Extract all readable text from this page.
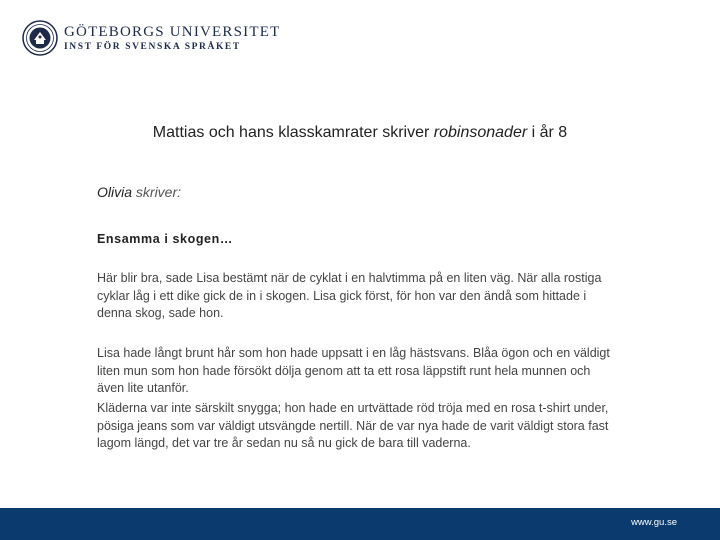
GÖTEBORGS UNIVERSITET
INST FÖR SVENSKA SPRÅKET
Mattias och hans klasskamrater skriver robinsonader i år 8
Olivia skriver:
Ensamma i skogen…

Här blir bra, sade Lisa bestämt när de cyklat i en halvtimma på en liten väg. När alla rostiga cyklar låg i ett dike gick de in i skogen. Lisa gick först, för hon var den ändå som hittade i denna skog, sade hon.

Lisa hade långt brunt hår som hon hade uppsatt i en låg hästsvans. Blåa ögon och en väldigt liten mun som hon hade försökt dölja genom att ta ett rosa läppstift runt hela munnen och även lite utanför.

Kläderna var inte särskilt snygga; hon hade en urtvättade röd tröja med en rosa t-shirt under, pösiga jeans som var väldigt utsvängde nertill. När de var nya hade de varit väldigt stora fast lagom längd, det var tre år sedan nu så nu gick de bara till vaderna.

www.gu.se
